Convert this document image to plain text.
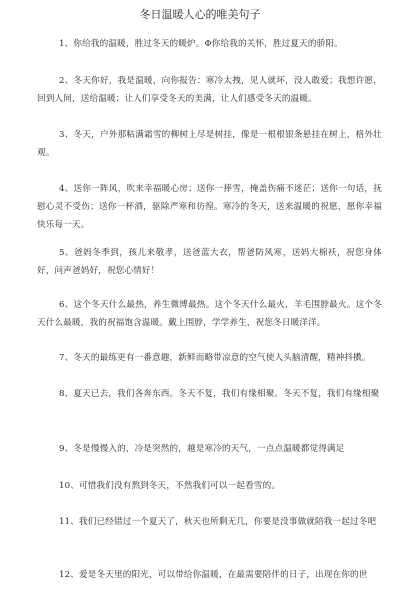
冬日温暖人心的唯美句子

1、你给我的温暖，胜过冬天的暖炉。Φ你给我的关怀，胜过夏天的骄阳。

2、冬天你好，我是温暖，向你报告：寒冷太拽，见人就坏，没人敢爱；我想许愿，回到人间，送给温暖；让人们享受冬天的美满，让人们感受冬天的温暖。

3、冬天，户外那粘满霜雪的柳树上尽是树挂，像是一根根银条悬挂在树上，格外壮观。

4、送你一阵风，吹来幸福暖心房；送你一捧雪，掩盖伤痛不迷茫；送你一句话，抚慰心灵不受伤；送你一杯酒，驱除严寒和彷徨。寒冷的冬天，送来温暖的祝愿，愿你幸福快乐每一天。

5、爸妈冬季到，孩儿来敬孝，送爸蓝大衣，帮爸防风寒，送妈大棉袄，祝您身体好，问声爸妈好，祝您心情好！

6、这个冬天什么最热，养生微博最热。这个冬天什么最火，羊毛围脖最火。这个冬天什么最暖，我的祝福饱含温暖。戴上围脖，学学养生，祝您冬日暖洋洋。

7、冬天的最练更有一番意趣，新鲜而略带凉意的空气使人头脑清醒，精神抖擞。

8、夏天已去，我们各奔东西。冬天不复，我们有缘相聚。冬天不复，我们有缘相聚

9、冬是慢慢入的，冷是突然的，越是寒冷的天气，一点点温暖都觉得满足

10、可惜我们没有熬到冬天，不然我们可以一起看雪的。

11、我们已经错过一个夏天了，秋天也所剩无几，你要是没事做就陪我一起过冬吧

12、爱是冬天里的阳光，可以带给你温暖，在最需要陪伴的日子，出现在你的世
